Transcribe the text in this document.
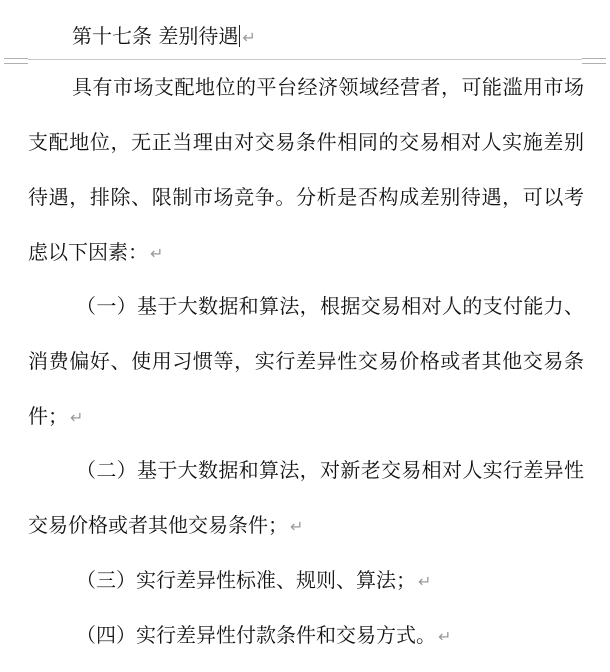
第十七条 差别待遇 ↵

具有市场支配地位的平台经济领域经营者，可能滥用市场支配地位，无正当理由对交易条件相同的交易相对人实施差别待遇，排除、限制市场竞争。分析是否构成差别待遇，可以考虑以下因素： ↵

（一）基于大数据和算法，根据交易相对人的支付能力、消费偏好、使用习惯等，实行差异性交易价格或者其他交易条件； ↵

（二）基于大数据和算法，对新老交易相对人实行差异性交易价格或者其他交易条件； ↵

（三）实行差异性标准、规则、算法； ↵

（四）实行差异性付款条件和交易方式。 ↵
